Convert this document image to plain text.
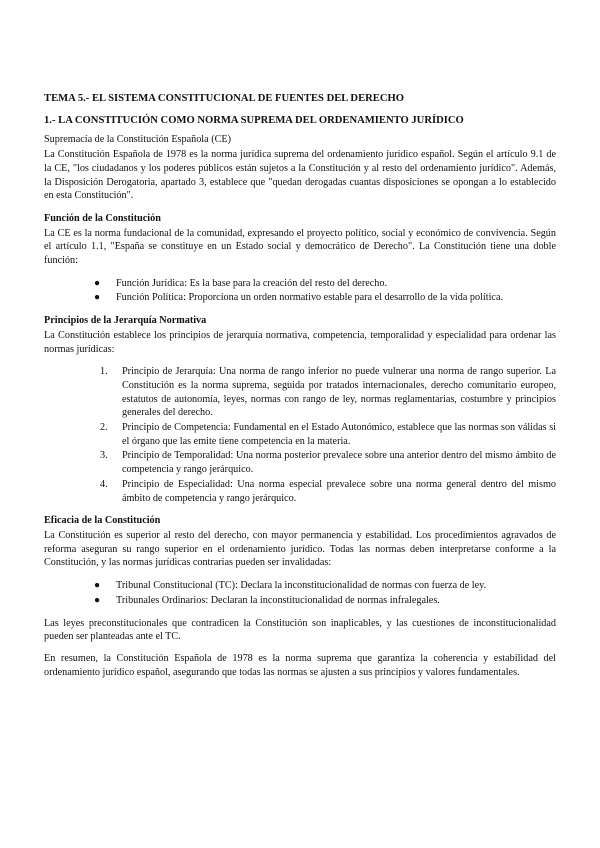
TEMA 5.- EL SISTEMA CONSTITUCIONAL DE FUENTES DEL DERECHO

1.- LA CONSTITUCIÓN COMO NORMA SUPREMA DEL ORDENAMIENTO JURÍDICO

Supremacía de la Constitución Española (CE)

La Constitución Española de 1978 es la norma jurídica suprema del ordenamiento jurídico español. Según el artículo 9.1 de la CE, "los ciudadanos y los poderes públicos están sujetos a la Constitución y al resto del ordenamiento jurídico". Además, la Disposición Derogatoria, apartado 3, establece que "quedan derogadas cuantas disposiciones se opongan a lo establecido en esta Constitución".

Función de la Constitución

La CE es la norma fundacional de la comunidad, expresando el proyecto político, social y económico de convivencia. Según el artículo 1.1, "España se constituye en un Estado social y democrático de Derecho". La Constitución tiene una doble función:

● Función Jurídica: Es la base para la creación del resto del derecho.
● Función Política: Proporciona un orden normativo estable para el desarrollo de la vida política.

Principios de la Jerarquía Normativa

La Constitución establece los principios de jerarquía normativa, competencia, temporalidad y especialidad para ordenar las normas jurídicas:

1. Principio de Jerarquía: Una norma de rango inferior no puede vulnerar una norma de rango superior. La Constitución es la norma suprema, seguida por tratados internacionales, derecho comunitario europeo, estatutos de autonomía, leyes, normas con rango de ley, normas reglamentarias, costumbre y principios generales del derecho.
2. Principio de Competencia: Fundamental en el Estado Autonómico, establece que las normas son válidas si el órgano que las emite tiene competencia en la materia.
3. Principio de Temporalidad: Una norma posterior prevalece sobre una anterior dentro del mismo ámbito de competencia y rango jerárquico.
4. Principio de Especialidad: Una norma especial prevalece sobre una norma general dentro del mismo ámbito de competencia y rango jerárquico.

Eficacia de la Constitución

La Constitución es superior al resto del derecho, con mayor permanencia y estabilidad. Los procedimientos agravados de reforma aseguran su rango superior en el ordenamiento jurídico. Todas las normas deben interpretarse conforme a la Constitución, y las normas jurídicas contrarias pueden ser invalidadas:

● Tribunal Constitucional (TC): Declara la inconstitucionalidad de normas con fuerza de ley.
● Tribunales Ordinarios: Declaran la inconstitucionalidad de normas infralegales.

Las leyes preconstitucionales que contradicen la Constitución son inaplicables, y las cuestiones de inconstitucionalidad pueden ser planteadas ante el TC.

En resumen, la Constitución Española de 1978 es la norma suprema que garantiza la coherencia y estabilidad del ordenamiento jurídico español, asegurando que todas las normas se ajusten a sus principios y valores fundamentales.
